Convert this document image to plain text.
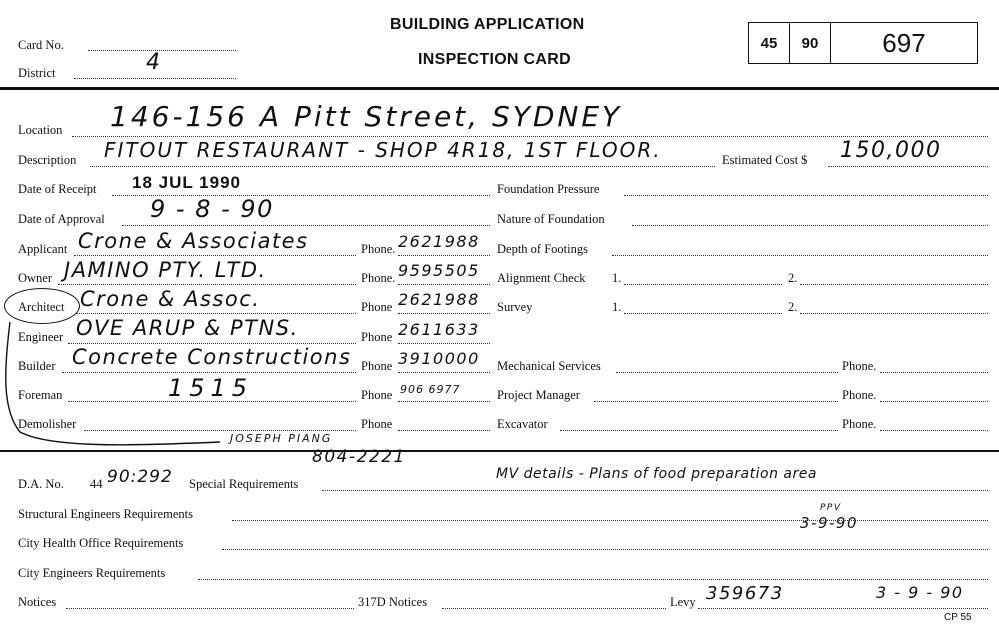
Card No.
District	4
BUILDING APPLICATION
INSPECTION CARD
45 90 697
Location 146-156 A Pitt Street, SYDNEY
Description FITOUT RESTAURANT - SHOP 4R18, 1ST FLOOR.	Estimated Cost $ 150,000
Date of Receipt 18 JUL 1990
Date of Approval 9 - 8 - 90
Applicant Crone & Associates	Phone. 2621988
Owner JAMINO PTY. LTD.	Phone. 9595505
Architect Crone & Assoc.	Phone 2621988
Engineer OVE ARUP & PTNS.	Phone 2611633
Builder Concrete Constructions Phone 3910000
Foreman	1515	Phone 906 6977
Demolisher	Phone
Foundation Pressure
Nature of Foundation
Depth of Footings
Alignment Check 1.	2.
Survey	1.	2.
Mechanical Services	Phone.
Project Manager	Phone.
Excavator	Phone.
JOSEPH PIANG
804-2221
D.A. No. 44 90:292 Special Requirements
MV details - Plans of food preparation area
Structural Engineers Requirements	PPV
3-9-90
City Health Office Requirements
City Engineers Requirements
Notices	317D Notices	Levy 359673	3 - 9 - 90
CP 55
